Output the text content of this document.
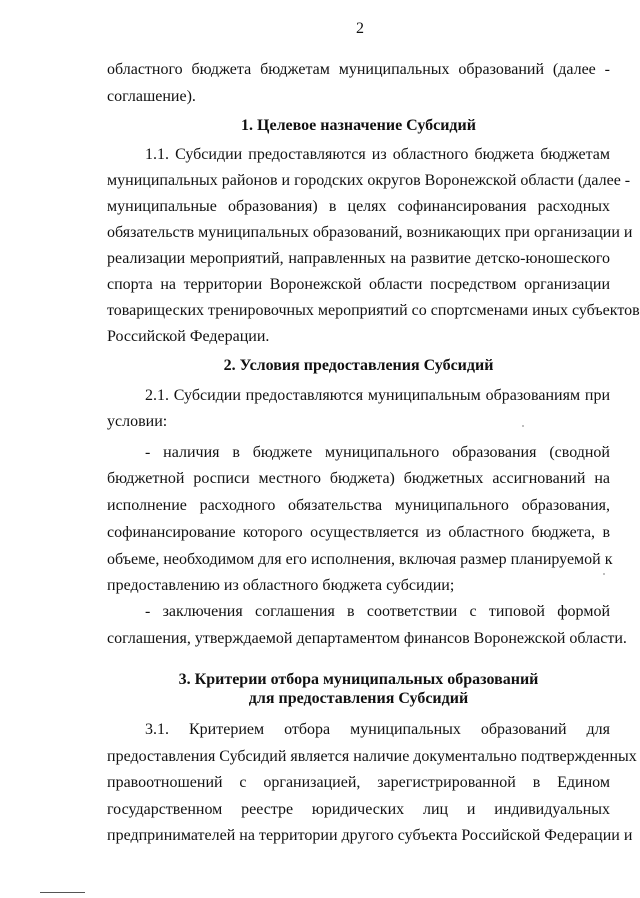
2
областного бюджета бюджетам муниципальных образований (далее -
соглашение).
1. Целевое назначение Субсидий
1.1. Субсидии предоставляются из областного бюджета бюджетам
муниципальных районов и городских округов Воронежской области (далее -
муниципальные образования) в целях софинансирования расходных
обязательств муниципальных образований, возникающих при организации и
реализации мероприятий, направленных на развитие детско-юношеского
спорта на территории Воронежской области посредством организации
товарищеских тренировочных мероприятий со спортсменами иных субъектов
Российской Федерации.
2. Условия предоставления Субсидий
2.1. Субсидии предоставляются муниципальным образованиям при
условии:
- наличия в бюджете муниципального образования (сводной
бюджетной росписи местного бюджета) бюджетных ассигнований на
исполнение расходного обязательства муниципального образования,
софинансирование которого осуществляется из областного бюджета, в
объеме, необходимом для его исполнения, включая размер планируемой к
предоставлению из областного бюджета субсидии;
- заключения соглашения в соответствии с типовой формой
соглашения, утверждаемой департаментом финансов Воронежской области.
3. Критерии отбора муниципальных образований
для предоставления Субсидий
3.1. Критерием отбора муниципальных образований для
предоставления Субсидий является наличие документально подтвержденных
правоотношений с организацией, зарегистрированной в Едином
государственном реестре юридических лиц и индивидуальных
предпринимателей на территории другого субъекта Российской Федерации и
